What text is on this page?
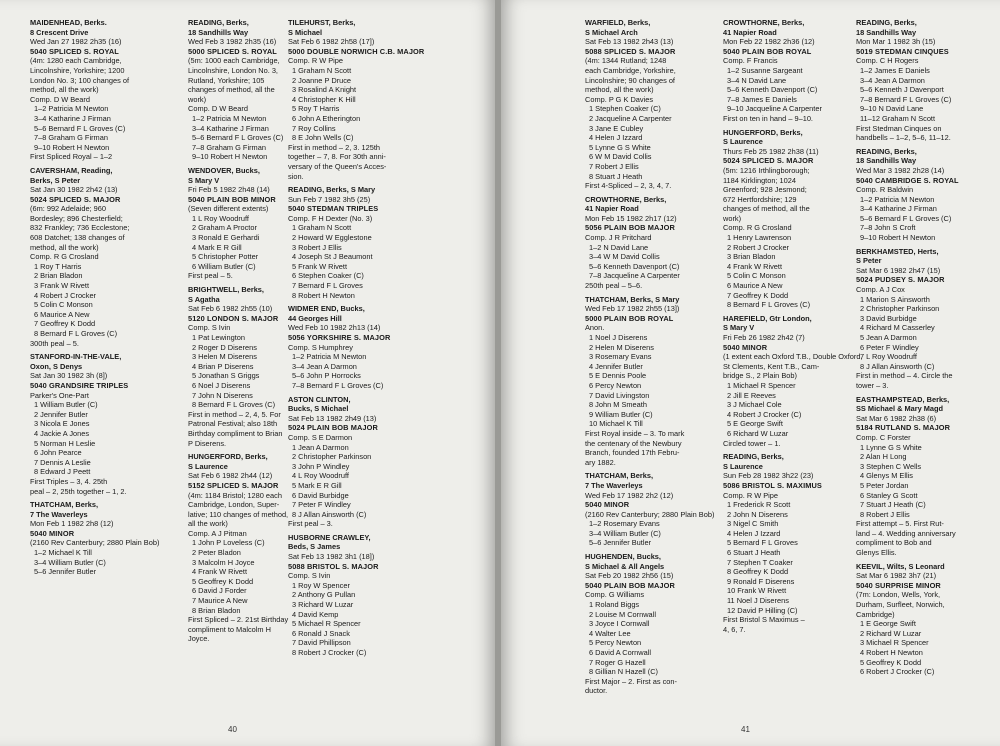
MAIDENHEAD, Berks.
8 Crescent Drive
Wed Jan 27 1982 2h35 (16)
5040 SPLICED S. ROYAL
(4m: 1280 each Cambridge,
Lincolnshire, Yorkshire; 1200
London No. 3; 100 changes of
method, all the work)
Comp. D W Beard
1–2 Patricia M Newton
3–4 Katharine J Firman
5–6 Bernard F L Groves (C)
7–8 Graham G Firman
9–10 Robert H Newton
First Spliced Royal – 1–2
CAVERSHAM, Reading,
Berks, S Peter
Sat Jan 30 1982 2h42 (13)
5024 SPLICED S. MAJOR
(6m: 992 Adelaide; 960
Bordesley; 896 Chesterfield;
832 Frankley; 736 Ecclestone;
608 Datchet; 138 changes of
method, all the work)
Comp. R G Crosland
1 Roy T Harris
2 Brian Bladon
3 Frank W Rivett
4 Robert J Crocker
5 Colin C Monson
6 Maurice A New
7 Geoffrey K Dodd
8 Bernard F L Groves (C)
300th peal – 5.
STANFORD-IN-THE-VALE,
Oxon, S Denys
Sat Jan 30 1982 3h (8])
5040 GRANDSIRE TRIPLES
Parker's One-Part
1 William Butler (C)
2 Jennifer Butler
3 Nicola E Jones
4 Jackie A Jones
5 Norman H Leslie
6 John Pearce
7 Dennis A Leslie
8 Edward J Peett
First Triples – 3, 4. 25th
peal – 2, 25th together – 1, 2.
THATCHAM, Berks,
7 The Waverleys
Mon Feb 1 1982 2h8 (12)
5040 MINOR
(2160 Rev Canterbury; 2880 Plain Bob)
1–2 Michael K Till
3–4 William Butler (C)
5–6 Jennifer Butler
READING, Berks,
18 Sandhills Way
Wed Feb 3 1982 2h35 (16)
5000 SPLICED S. ROYAL
(5m: 1000 each Cambridge,
Lincolnshire, London No. 3,
Rutland, Yorkshire; 105
changes of method, all the
work)
Comp. D W Beard
1–2 Patricia M Newton
3–4 Katharine J Firman
5–6 Bernard F L Groves (C)
7–8 Graham G Firman
9–10 Robert H Newton
WENDOVER, Bucks,
S Mary V
Fri Feb 5 1982 2h48 (14)
5040 PLAIN BOB MINOR
(Seven different extents)
1 L Roy Woodruff
2 Graham A Proctor
3 Ronald E Gerhardi
4 Mark E R Gill
5 Christopher Potter
6 William Butler (C)
First peal – 5.
BRIGHTWELL, Berks,
S Agatha
Sat Feb 6 1982 2h55 (10)
5120 LONDON S. MAJOR
Comp. S Ivin
1 Pat Lewington
2 Roger D Diserens
3 Helen M Diserens
4 Brian P Diserens
5 Jonathan S Griggs
6 Noel J Diserens
7 John N Diserens
8 Bernard F L Groves (C)
First in method – 2, 4, 5. For
Patronal Festival; also 18th
Birthday compliment to Brian
P Diserens.
HUNGERFORD, Berks,
S Laurence
Sat Feb 6 1982 2h44 (12)
5152 SPLICED S. MAJOR
(4m: 1184 Bristol; 1280 each
Cambridge, London, Super-
lative; 110 changes of method,
all the work)
Comp. A J Pitman
1 John P Loveless (C)
2 Peter Bladon
3 Malcolm H Joyce
4 Frank W Rivett
5 Geoffrey K Dodd
6 David J Forder
7 Maurice A New
8 Brian Bladon
First Spliced – 2. 21st Birthday
compliment to Malcolm H
Joyce.
TILEHURST, Berks,
S Michael
Sat Feb 6 1982 2h58 (17])
5000 DOUBLE NORWICH C.B. MAJOR
Comp. R W Pipe
1 Graham N Scott
2 Joanne P Druce
3 Rosalind A Knight
4 Christopher K Hill
5 Roy T Harris
6 John A Etherington
7 Roy Collins
8 E John Wells (C)
First in method – 2, 3. 125th
together – 7, 8. For 30th anni-
versary of the Queen's Acces-
sion.
READING, Berks, S Mary
Sun Feb 7 1982 3h5 (25)
5040 STEDMAN TRIPLES
Comp. F H Dexter (No. 3)
1 Graham N Scott
2 Howard W Egglestone
3 Robert J Ellis
4 Joseph St J Beaumont
5 Frank W Rivett
6 Stephen Coaker (C)
7 Bernard F L Groves
8 Robert H Newton
WIDMER END, Bucks,
44 Georges Hill
Wed Feb 10 1982 2h13 (14)
5056 YORKSHIRE S. MAJOR
Comp. S Humphrey
1–2 Patricia M Newton
3–4 Jean A Darmon
5–6 John P Horrocks
7–8 Bernard F L Groves (C)
ASTON CLINTON,
Bucks, S Michael
Sat Feb 13 1982 2h49 (13)
5024 PLAIN BOB MAJOR
Comp. S E Darmon
1 Jean A Darmon
2 Christopher Parkinson
3 John P Windley
4 L Roy Woodruff
5 Mark E R Gill
6 David Burbidge
7 Peter F Windley
8 J Allan Ainsworth (C)
First peal – 3.
HUSBORNE CRAWLEY,
Beds, S James
Sat Feb 13 1982 3h1 (18])
5088 BRISTOL S. MAJOR
Comp. S Ivin
1 Roy W Spencer
2 Anthony G Pullan
3 Richard W Luzar
4 David Kemp
5 Michael R Spencer
6 Ronald J Snack
7 David Phillipson
8 Robert J Crocker (C)
40
WARFIELD, Berks,
S Michael Arch
Sat Feb 13 1982 2h43 (13)
5088 SPLICED S. MAJOR
(4m: 1344 Rutland; 1248
each Cambridge, Yorkshire,
Lincolnshire; 90 changes of
method, all the work)
Comp. P G K Davies
1 Stephen Coaker (C)
2 Jacqueline A Carpenter
3 Jane E Cubley
4 Helen J Izzard
5 Lynne G S White
6 W M David Collis
7 Robert J Ellis
8 Stuart J Heath
First 4-Spliced – 2, 3, 4, 7.
CROWTHORNE, Berks,
41 Napier Road
Mon Feb 15 1982 2h17 (12)
5056 PLAIN BOB MAJOR
Comp. J R Pritchard
1–2 N David Lane
3–4 W M David Collis
5–6 Kenneth Davenport (C)
7–8 Jacqueline A Carpenter
250th peal – 5–6.
THATCHAM, Berks, S Mary
Wed Feb 17 1982 2h55 (13])
5000 PLAIN BOB ROYAL
Anon.
1 Noel J Diserens
2 Helen M Diserens
3 Rosemary Evans
4 Jennifer Butler
5 E Dennis Poole
6 Percy Newton
7 David Livingston
8 John M Smeath
9 William Butler (C)
10 Michael K Till
First Royal inside – 3. To mark
the centenary of the Newbury
Branch, founded 17th Febru-
ary 1882.
THATCHAM, Berks,
7 The Waverleys
Wed Feb 17 1982 2h2 (12)
5040 MINOR
(2160 Rev Canterbury; 2880 Plain Bob)
1–2 Rosemary Evans
3–4 William Butler (C)
5–6 Jennifer Butler
HUGHENDEN, Bucks,
S Michael & All Angels
Sat Feb 20 1982 2h56 (15)
5040 PLAIN BOB MAJOR
Comp. G Williams
1 Roland Biggs
2 Louise M Cornwall
3 Joyce I Cornwall
4 Walter Lee
5 Percy Newton
6 David A Cornwall
7 Roger G Hazell
8 Gillian N Hazell (C)
First Major – 2. First as con-
ductor.
CROWTHORNE, Berks,
41 Napier Road
Mon Feb 22 1982 2h36 (12)
5040 PLAIN BOB ROYAL
Comp. F Francis
1–2 Susanne Sargeant
3–4 N David Lane
5–6 Kenneth Davenport (C)
7–8 James E Daniels
9–10 Jacqueline A Carpenter
First on ten in hand – 9–10.
HUNGERFORD, Berks,
S Laurence
Thurs Feb 25 1982 2h38 (11)
5024 SPLICED S. MAJOR
(5m: 1216 Irthlingborough;
1184 Kirklington; 1024
Greenford; 928 Jesmond;
672 Hertfordshire; 129
changes of method, all the
work)
Comp. R G Crosland
1 Henry Lawrenson
2 Robert J Crocker
3 Brian Bladon
4 Frank W Rivett
5 Colin C Monson
6 Maurice A New
7 Geoffrey K Dodd
8 Bernard F L Groves (C)
HAREFIELD, Gtr London,
S Mary V
Fri Feb 26 1982 2h42 (7)
5040 MINOR
(1 extent each Oxford T.B., Double Oxford,
St Clements, Kent T.B., Cam-
bridge S., 2 Plain Bob)
1 Michael R Spencer
2 Jill E Reeves
3 J Michael Cole
4 Robert J Crocker (C)
5 E George Swift
6 Richard W Luzar
Circled tower – 1.
READING, Berks,
S Laurence
Sun Feb 28 1982 3h22 (23)
5086 BRISTOL S. MAXIMUS
Comp. R W Pipe
1 Frederick R Scott
2 John N Diserens
3 Nigel C Smith
4 Helen J Izzard
5 Bernard F L Groves
6 Stuart J Heath
7 Stephen T Coaker
8 Geoffrey K Dodd
9 Ronald F Diserens
10 Frank W Rivett
11 Noel J Diserens
12 David P Hilling (C)
First Bristol S Maximus –
4, 6, 7.
READING, Berks,
18 Sandhills Way
Mon Mar 1 1982 3h (15)
5019 STEDMAN CINQUES
Comp. C H Rogers
1–2 James E Daniels
3–4 Jean A Darmon
5–6 Kenneth J Davenport
7–8 Bernard F L Groves (C)
9–10 N David Lane
11–12 Graham N Scott
First Stedman Cinques on
handbells – 1–2, 5–6, 11–12.
READING, Berks,
18 Sandhills Way
Wed Mar 3 1982 2h28 (14)
5040 CAMBRIDGE S. ROYAL
Comp. R Baldwin
1–2 Patricia M Newton
3–4 Katharine J Firman
5–6 Bernard F L Groves (C)
7–8 John S Croft
9–10 Robert H Newton
BERKHAMSTED, Herts,
S Peter
Sat Mar 6 1982 2h47 (15)
5024 PUDSEY S. MAJOR
Comp. A J Cox
1 Marion S Ainsworth
2 Christopher Parkinson
3 David Burbidge
4 Richard M Casserley
5 Jean A Darmon
6 Peter F Windley
7 L Roy Woodruff
8 J Allan Ainsworth (C)
First in method – 4. Circle the
tower – 3.
EASTHAMPSTEAD, Berks,
SS Michael & Mary Magd
Sat Mar 6 1982 2h38 (6)
5184 RUTLAND S. MAJOR
Comp. C Forster
1 Lynne G S White
2 Alan H Long
3 Stephen C Wells
4 Glenys M Ellis
5 Peter Jordan
6 Stanley G Scott
7 Stuart J Heath (C)
8 Robert J Ellis
First attempt – 5. First Rut-
land – 4. Wedding anniversary
compliment to Bob and
Glenys Ellis.
KEEVIL, Wilts, S Leonard
Sat Mar 6 1982 3h7 (21)
5040 SURPRISE MINOR
(7m: London, Wells, York,
Durham, Surfleet, Norwich,
Cambridge)
1 E George Swift
2 Richard W Luzar
3 Michael R Spencer
4 Robert H Newton
5 Geoffrey K Dodd
6 Robert J Crocker (C)
41
